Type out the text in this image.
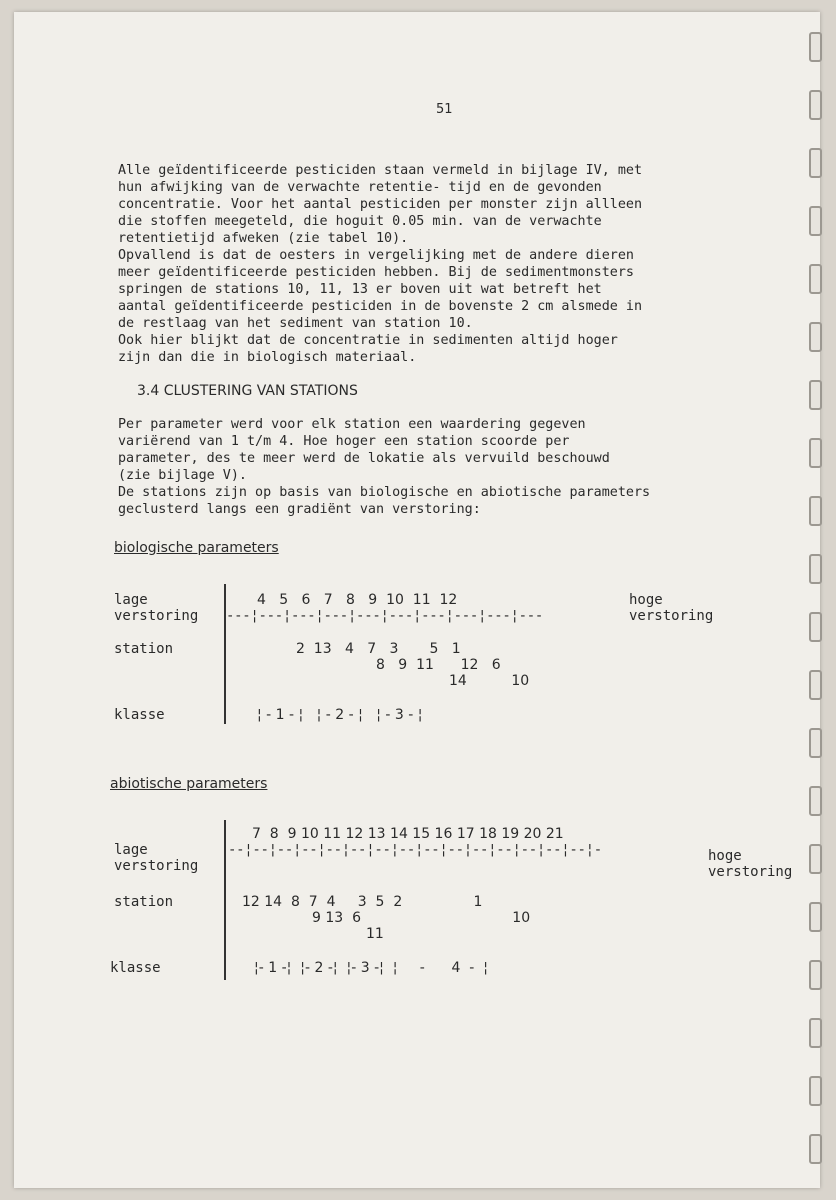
51
Alle geïdentificeerde pesticiden staan vermeld in bijlage IV, met
hun afwijking van de verwachte retentie- tijd en de gevonden
concentratie. Voor het aantal pesticiden per monster zijn allleen
die stoffen meegeteld, die hoguit 0.05 min. van de verwachte
retentietijd afweken (zie tabel 10).
Opvallend is dat de oesters in vergelijking met de andere dieren
meer geïdentificeerde pesticiden hebben. Bij de sedimentmonsters
springen de stations 10, 11, 13 er boven uit wat betreft het
aantal geïdentificeerde pesticiden in de bovenste 2 cm alsmede in
de restlaag van het sediment van station 10.
Ook hier blijkt dat de concentratie in sedimenten altijd hoger
zijn dan die in biologisch materiaal.
3.4 CLUSTERING VAN STATIONS
Per parameter werd voor elk station een waardering gegeven
variërend van 1 t/m 4. Hoe hoger een station scoorde per
parameter, des te meer werd de lokatie als vervuild beschouwd
(zie bijlage V).
De stations zijn op basis van biologische en abiotische parameters
geclusterd langs een gradiënt van verstoring:
biologische parameters
4   5   6   7   8   9  10  11  12
lage
verstoring ---¦---¦---¦---¦---¦---¦---¦---¦---¦---
hoge
verstoring
station	2  13   4   7   3       5   1
8   9  11      12   6
14          10
klasse	¦ - 1 - ¦   ¦ - 2 - ¦   ¦ - 3 - ¦
abiotische parameters
7  8  9 10 11 12 13 14 15 16 17 18 19 20 21
lage	--¦--¦--¦--¦--¦--¦--¦--¦--¦--¦--¦--¦--¦--¦--¦-
verstoring
hoge
verstoring
station	12 14  8  7  4     3  5  2                1
9 13  6                                  10
11
klasse	¦- 1 -¦  ¦- 2 -¦  ¦- 3 -¦  ¦     -      4  -  ¦
